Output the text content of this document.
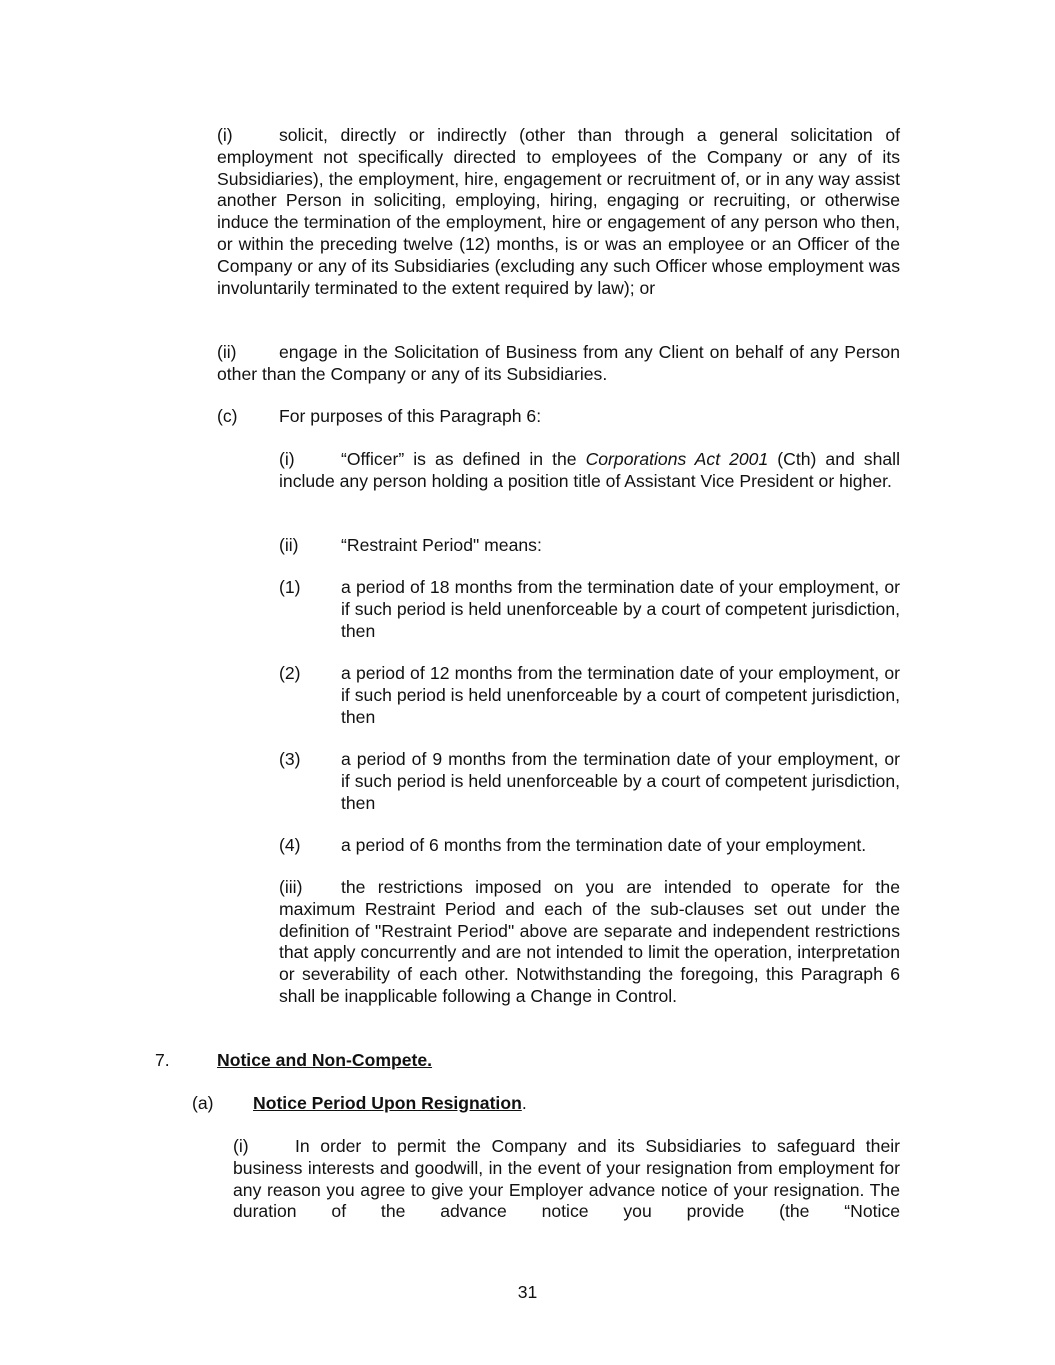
(i)	solicit, directly or indirectly (other than through a general solicitation of employment not specifically directed to employees of the Company or any of its Subsidiaries), the employment, hire, engagement or recruitment of, or in any way assist another Person in soliciting, employing, hiring, engaging or recruiting, or otherwise induce the termination of the employment, hire or engagement of any person who then, or within the preceding twelve (12) months, is or was an employee or an Officer of the Company or any of its Subsidiaries (excluding any such Officer whose employment was involuntarily terminated to the extent required by law); or

(ii) engage in the Solicitation of Business from any Client on behalf of any Person other than the Company or any of its Subsidiaries.

(c) For purposes of this Paragraph 6:

(i)	“Officer” is as defined in the Corporations Act 2001 (Cth) and shall include any person holding a position title of Assistant Vice President or higher.

(ii) “Restraint Period" means:
(1) a period of 18 months from the termination date of your employment, or if such period is held unenforceable by a court of competent jurisdiction, then
(2) a period of 12 months from the termination date of your employment, or if such period is held unenforceable by a court of competent jurisdiction, then
(3) a period of 9 months from the termination date of your employment, or if such period is held unenforceable by a court of competent jurisdiction, then
(4) a period of 6 months from the termination date of your employment.

(iii) the restrictions imposed on you are intended to operate for the maximum Restraint Period and each of the sub-clauses set out under the definition of "Restraint Period" above are separate and independent restrictions that apply concurrently and are not intended to limit the operation, interpretation or severability of each other. Notwithstanding the foregoing, this Paragraph 6 shall be inapplicable following a Change in Control.

7.	Notice and Non-Compete.
(a) Notice Period Upon Resignation.

(i)	In order to permit the Company and its Subsidiaries to safeguard their business interests and goodwill, in the event of your resignation from employment for any reason you agree to give your Employer advance notice of your resignation. The duration of the advance notice you provide (the “Notice

31
